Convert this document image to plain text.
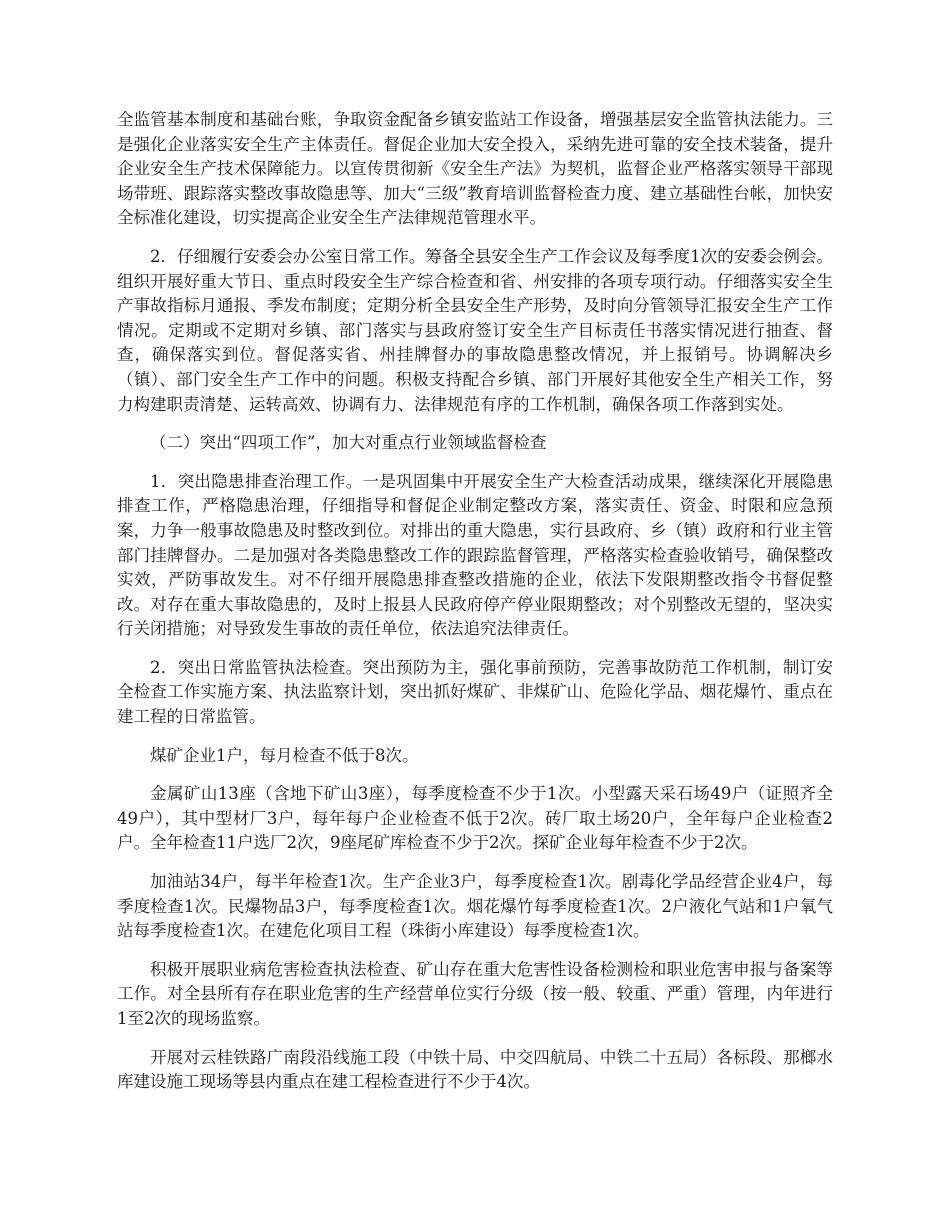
全监管基本制度和基础台账，争取资金配备乡镇安监站工作设备，增强基层安全监管执法能力。三是强化企业落实安全生产主体责任。督促企业加大安全投入，采纳先进可靠的安全技术装备，提升企业安全生产技术保障能力。以宣传贯彻新《安全生产法》为契机，监督企业严格落实领导干部现场带班、跟踪落实整改事故隐患等、加大“三级”教育培训监督检查力度、建立基础性台帐，加快安全标准化建设，切实提高企业安全生产法律规范管理水平。

2．仔细履行安委会办公室日常工作。筹备全县安全生产工作会议及每季度1次的安委会例会。组织开展好重大节日、重点时段安全生产综合检查和省、州安排的各项专项行动。仔细落实安全生产事故指标月通报、季发布制度；定期分析全县安全生产形势，及时向分管领导汇报安全生产工作情况。定期或不定期对乡镇、部门落实与县政府签订安全生产目标责任书落实情况进行抽查、督查，确保落实到位。督促落实省、州挂牌督办的事故隐患整改情况，并上报销号。协调解决乡（镇）、部门安全生产工作中的问题。积极支持配合乡镇、部门开展好其他安全生产相关工作，努力构建职责清楚、运转高效、协调有力、法律规范有序的工作机制，确保各项工作落到实处。

（二）突出“四项工作”，加大对重点行业领域监督检查

1．突出隐患排查治理工作。一是巩固集中开展安全生产大检查活动成果，继续深化开展隐患排查工作，严格隐患治理，仔细指导和督促企业制定整改方案，落实责任、资金、时限和应急预案，力争一般事故隐患及时整改到位。对排出的重大隐患，实行县政府、乡（镇）政府和行业主管部门挂牌督办。二是加强对各类隐患整改工作的跟踪监督管理，严格落实检查验收销号，确保整改实效，严防事故发生。对不仔细开展隐患排查整改措施的企业，依法下发限期整改指令书督促整改。对存在重大事故隐患的，及时上报县人民政府停产停业限期整改；对个别整改无望的，坚决实行关闭措施；对导致发生事故的责任单位，依法追究法律责任。

2．突出日常监管执法检查。突出预防为主，强化事前预防，完善事故防范工作机制，制订安全检查工作实施方案、执法监察计划，突出抓好煤矿、非煤矿山、危险化学品、烟花爆竹、重点在建工程的日常监管。

煤矿企业1户，每月检查不低于8次。

金属矿山13座（含地下矿山3座），每季度检查不少于1次。小型露天采石场49户（证照齐全49户），其中型材厂3户，每年每户企业检查不低于2次。砖厂取土场20户，全年每户企业检查2户。全年检查11户选厂2次，9座尾矿库检查不少于2次。探矿企业每年检查不少于2次。

加油站34户，每半年检查1次。生产企业3户，每季度检查1次。剧毒化学品经营企业4户，每季度检查1次。民爆物品3户，每季度检查1次。烟花爆竹每季度检查1次。2户液化气站和1户氧气站每季度检查1次。在建危化项目工程（珠街小库建设）每季度检查1次。

积极开展职业病危害检查执法检查、矿山存在重大危害性设备检测检和职业危害申报与备案等工作。对全县所有存在职业危害的生产经营单位实行分级（按一般、较重、严重）管理，内年进行1至2次的现场监察。

开展对云桂铁路广南段沿线施工段（中铁十局、中交四航局、中铁二十五局）各标段、那榔水库建设施工现场等县内重点在建工程检查进行不少于4次。
